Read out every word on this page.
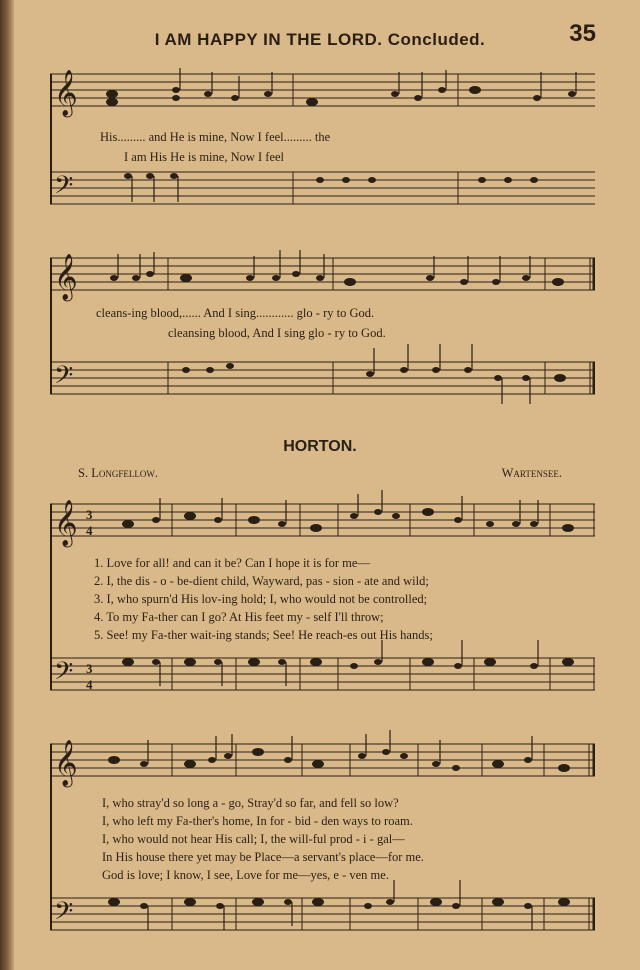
I AM HAPPY IN THE LORD. Concluded.	35
𝄞
𝄢
His......... and He is mine, Now I feel......... the
I am His He is mine, Now I feel
𝄞
𝄢
cleans-ing blood,...... And I sing............ glo - ry to God.
cleansing blood, And I sing glo - ry to God.
HORTON.
S. Longfellow.	Wartensee.
𝄞 3
4
𝄢 3
4
1. Love for all! and can it be? Can I hope it is for me—
2. I, the dis - o - be-dient child, Wayward, pas - sion - ate and wild;
3. I, who spurn'd His lov-ing hold; I, who would not be controlled;
4. To my Fa-ther can I go? At His feet my - self I'll throw;
5. See! my Fa-ther wait-ing stands; See! He reach-es out His hands;
𝄞
𝄢
I, who stray'd so long a - go, Stray'd so far, and fell so low?
I, who left my Fa-ther's home, In for - bid - den ways to roam.
I, who would not hear His call; I, the will-ful prod - i - gal—
In His house there yet may be Place—a servant's place—for me.
God is love; I know, I see, Love for me—yes, e - ven me.
